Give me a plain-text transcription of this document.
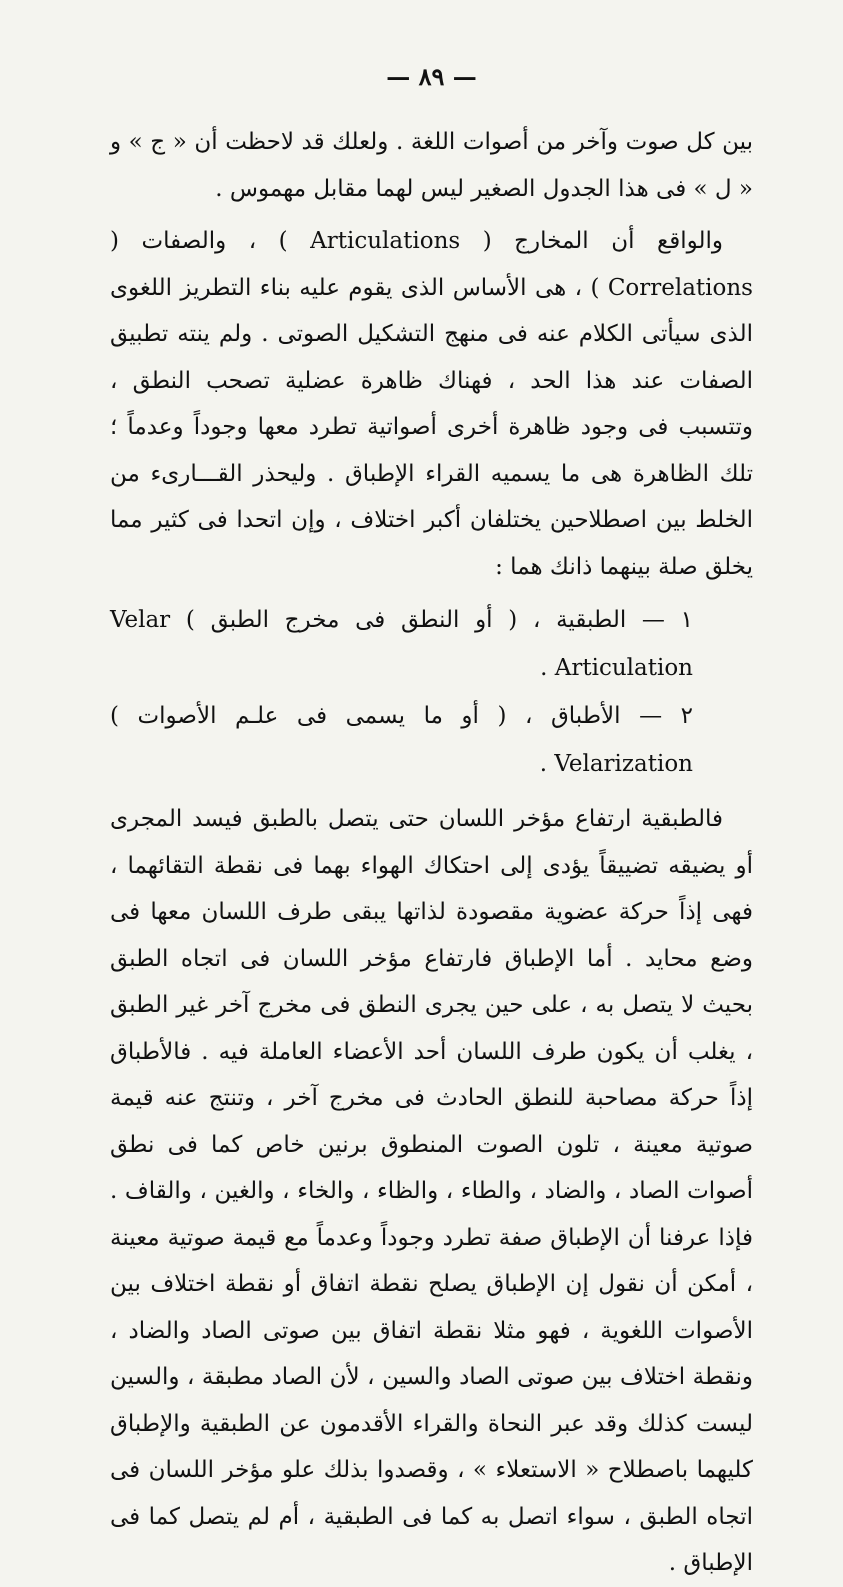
— ٨٩ —

بين كل صوت وآخر من أصوات اللغة . ولعلك قد لاحظت أن « ج » و « ل » فى هذا الجدول الصغير ليس لهما مقابل مهموس .

والواقع أن المخارج ( Articulations ) ، والصفات ( Correlations ) ، هى الأساس الذى يقوم عليه بناء التطريز اللغوى الذى سيأتى الكلام عنه فى منهج التشكيل الصوتى . ولم ينته تطبيق الصفات عند هذا الحد ، فهناك ظاهرة عضلية تصحب النطق ، وتتسبب فى وجود ظاهرة أخرى أصواتية تطرد معها وجوداً وعدماً ؛ تلك الظاهرة هى ما يسميه القراء الإطباق . وليحذر القـــارىء من الخلط بين اصطلاحين يختلفان أكبر اختلاف ، وإن اتحدا فى كثير مما يخلق صلة بينهما ذانك هما :

١ — الطبقية ، ( أو النطق فى مخرج الطبق ) Velar Articulation .
٢ — الأطباق ، ( أو ما يسمى فى علـم الأصوات ) Velarization .

فالطبقية ارتفاع مؤخر اللسان حتى يتصل بالطبق فيسد المجرى أو يضيقه تضييقاً يؤدى إلى احتكاك الهواء بهما فى نقطة التقائهما ، فهى إذاً حركة عضوية مقصودة لذاتها يبقى طرف اللسان معها فى وضع محايد . أما الإطباق فارتفاع مؤخر اللسان فى اتجاه الطبق بحيث لا يتصل به ، على حين يجرى النطق فى مخرج آخر غير الطبق ، يغلب أن يكون طرف اللسان أحد الأعضاء العاملة فيه . فالأطباق إذاً حركة مصاحبة للنطق الحادث فى مخرج آخر ، وتنتج عنه قيمة صوتية معينة ، تلون الصوت المنطوق برنين خاص كما فى نطق أصوات الصاد ، والضاد ، والطاء ، والظاء ، والخاء ، والغين ، والقاف . فإذا عرفنا أن الإطباق صفة تطرد وجوداً وعدماً مع قيمة صوتية معينة ، أمكن أن نقول إن الإطباق يصلح نقطة اتفاق أو نقطة اختلاف بين الأصوات اللغوية ، فهو مثلا نقطة اتفاق بين صوتى الصاد والضاد ، ونقطة اختلاف بين صوتى الصاد والسين ، لأن الصاد مطبقة ، والسين ليست كذلك وقد عبر النحاة والقراء الأقدمون عن الطبقية والإطباق كليهما باصطلاح « الاستعلاء » ، وقصدوا بذلك علو مؤخر اللسان فى اتجاه الطبق ، سواء اتصل به كما فى الطبقية ، أم لم يتصل كما فى الإطباق .
